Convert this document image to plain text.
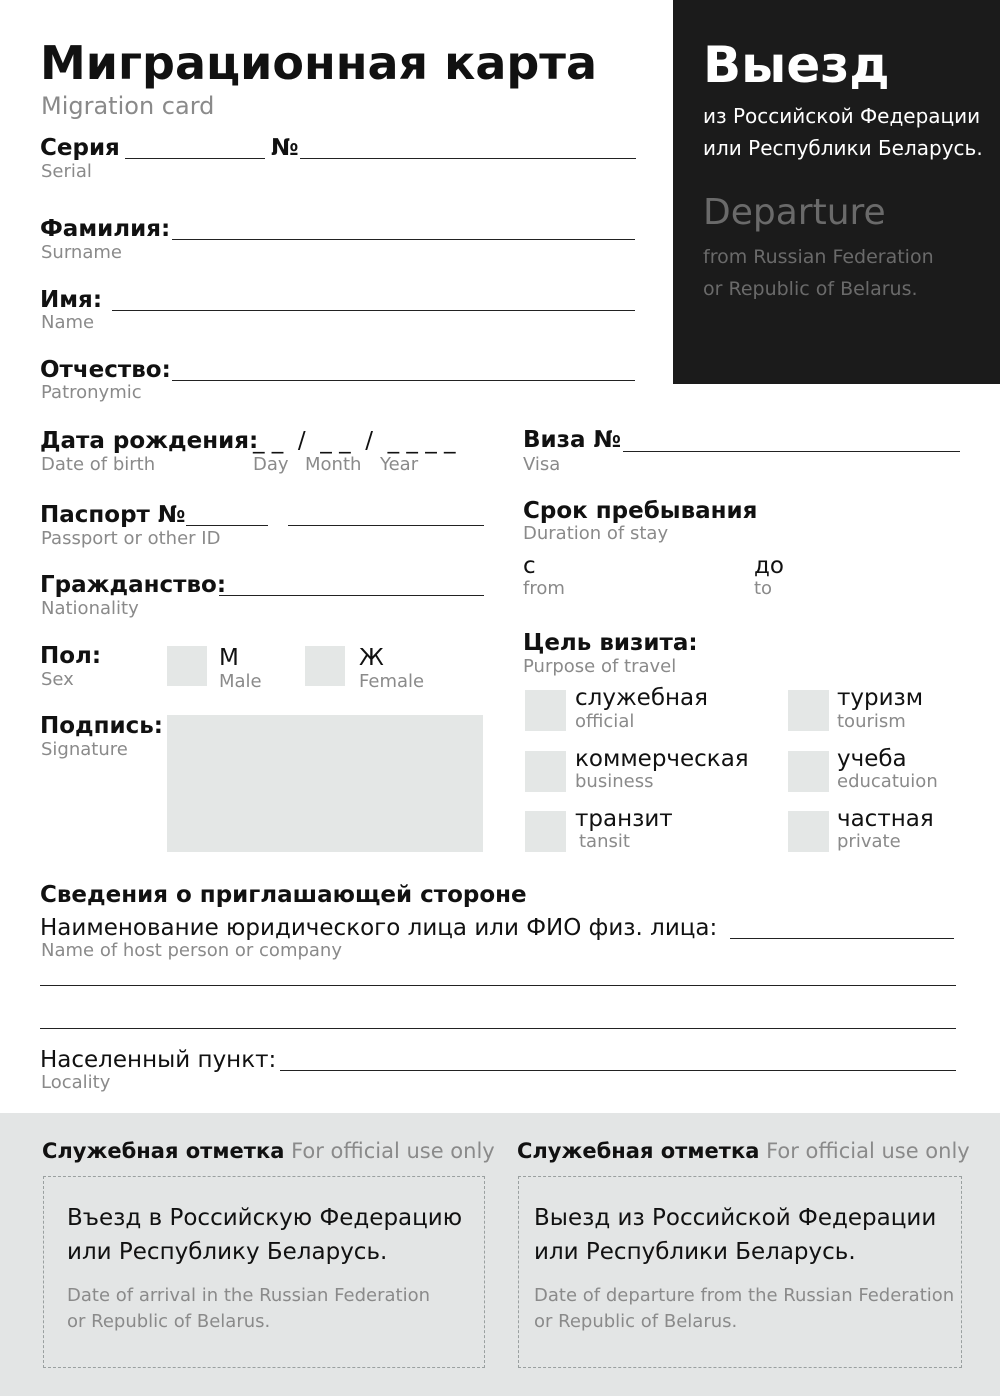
Миграционная карта
Migration card
Выезд
из Российской Федерации
или Республики Беларусь.
Departure
from Russian Federation
or Republic of Belarus.
Серия
Serial
№
Фамилия:
Surname
Имя:
Name
Отчество:
Patronymic
Дата рождения:
Date of birth
_ _  /  _ _  /  _ _ _ _
Day Month Year
Паспорт №
Passport or other ID
Гражданство:
Nationality
Пол:
Sex
М
Male
Ж
Female
Подпись:
Signature
Виза №
Visa
Срок пребывания
Duration of stay
с
from
до
to
Цель визита:
Purpose of travel
служебная
official
туризм
tourism
коммерческая
business
учеба
educatuion
транзит
tansit
частная
private
Сведения о приглашающей стороне
Наименование юридического лица или ФИО физ. лица:
Name of host person or company
Населенный пункт:
Locality
Служебная отметка For official use only
Въезд в Российскую Федерацию
или Республику Беларусь.
Date of arrival in the Russian Federation
or Republic of Belarus.
Служебная отметка For official use only
Выезд из Российской Федерации
или Республики Беларусь.
Date of departure from the Russian Federation
or Republic of Belarus.
